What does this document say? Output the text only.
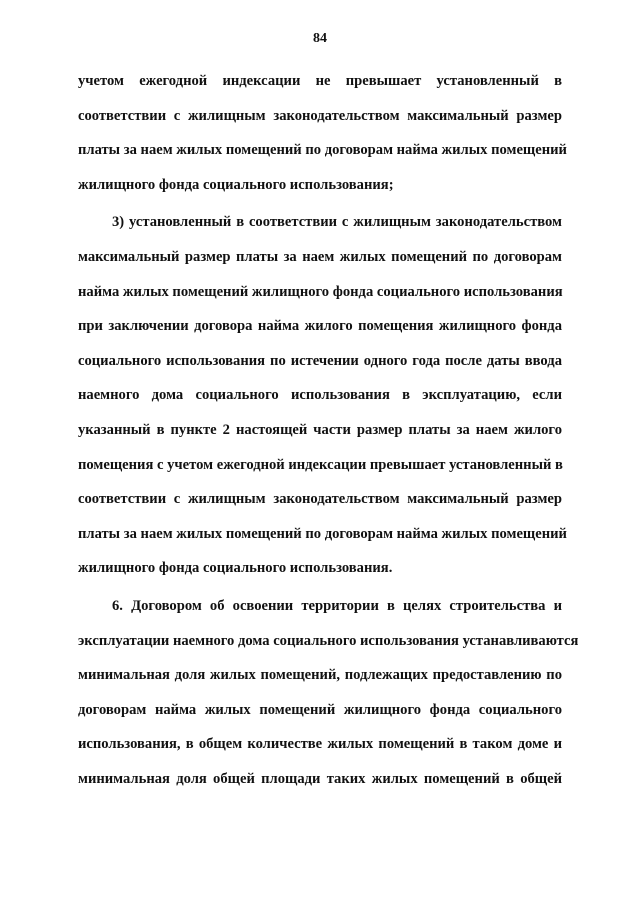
84
учетом ежегодной индексации не превышает установленный в
соответствии с жилищным законодательством максимальный размер
платы за наем жилых помещений по договорам найма жилых помещений
жилищного фонда социального использования;
3) установленный в соответствии с жилищным законодательством
максимальный размер платы за наем жилых помещений по договорам
найма жилых помещений жилищного фонда социального использования
при заключении договора найма жилого помещения жилищного фонда
социального использования по истечении одного года после даты ввода
наемного дома социального использования в эксплуатацию, если
указанный в пункте 2 настоящей части размер платы за наем жилого
помещения с учетом ежегодной индексации превышает установленный в
соответствии с жилищным законодательством максимальный размер
платы за наем жилых помещений по договорам найма жилых помещений
жилищного фонда социального использования.
6. Договором об освоении территории в целях строительства и
эксплуатации наемного дома социального использования устанавливаются
минимальная доля жилых помещений, подлежащих предоставлению по
договорам найма жилых помещений жилищного фонда социального
использования, в общем количестве жилых помещений в таком доме и
минимальная доля общей площади таких жилых помещений в общей
